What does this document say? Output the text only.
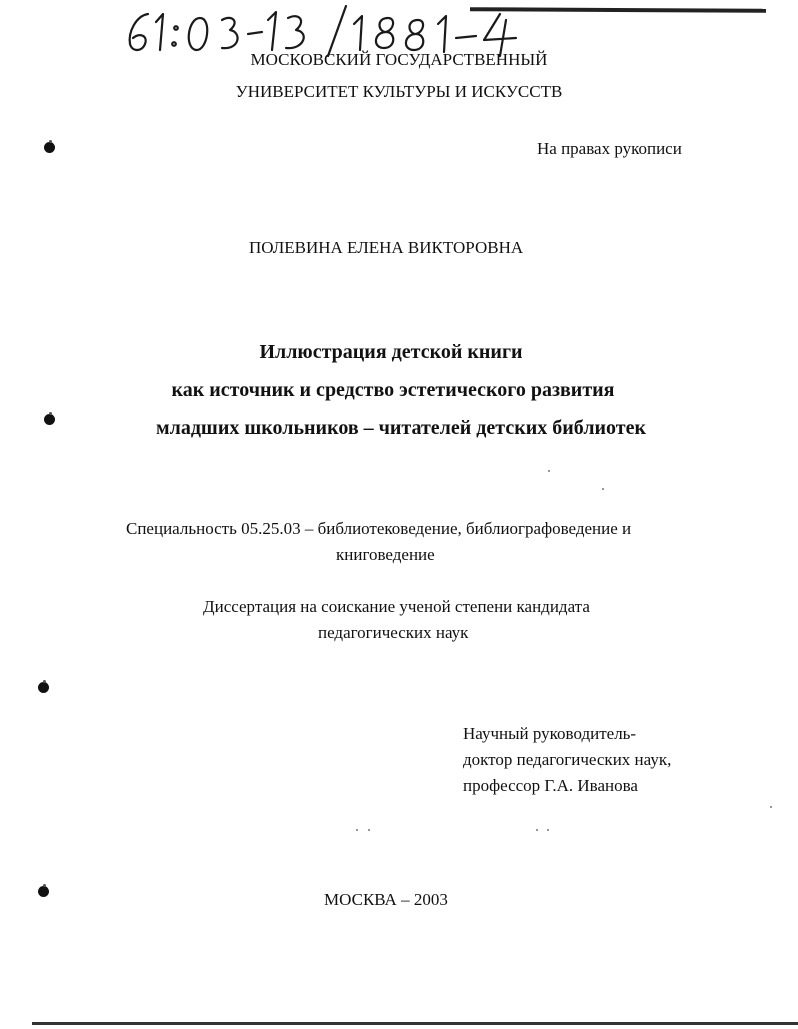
МОСКОВСКИЙ ГОСУДАРСТВЕННЫЙ
УНИВЕРСИТЕТ КУЛЬТУРЫ И ИСКУССТВ
На правах рукописи
ПОЛЕВИНА ЕЛЕНА ВИКТОРОВНА
Иллюстрация детской книги
как источник и средство эстетического развития
младших школьников – читателей детских библиотек
Специальность 05.25.03 – библиотековедение, библиографоведение и
книговедение
Диссертация на соискание ученой степени кандидата
педагогических наук
Научный руководитель-
доктор педагогических наук,
профессор Г.А. Иванова
МОСКВА – 2003
